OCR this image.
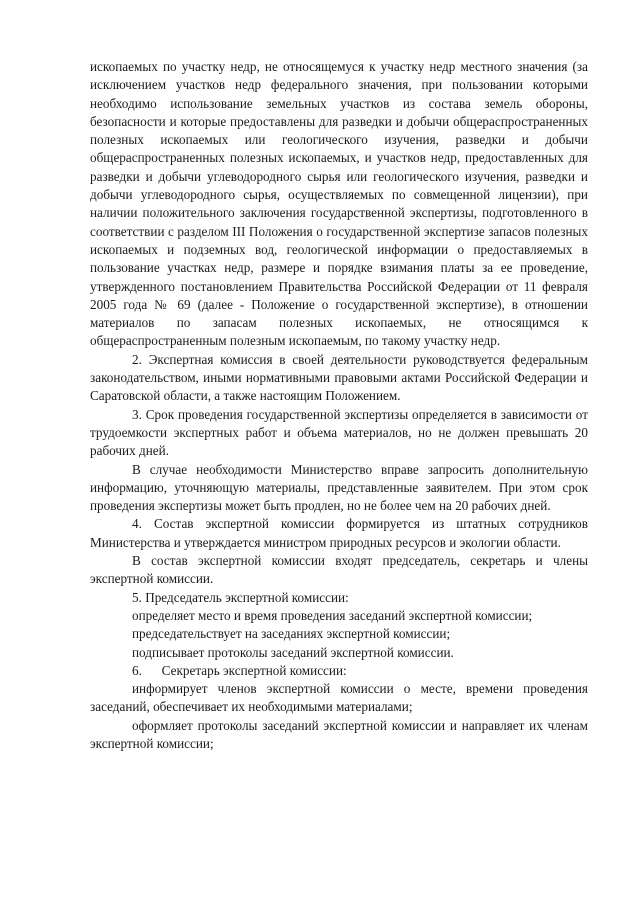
ископаемых по участку недр, не относящемуся к участку недр местного значения (за исключением участков недр федерального значения, при пользовании которыми необходимо использование земельных участков из состава земель обороны, безопасности и которые предоставлены для разведки и добычи общераспространенных полезных ископаемых или геологического изучения, разведки и добычи общераспространенных полезных ископаемых, и участков недр, предоставленных для разведки и добычи углеводородного сырья или геологического изучения, разведки и добычи углеводородного сырья, осуществляемых по совмещенной лицензии), при наличии положительного заключения государственной экспертизы, подготовленного в соответствии с разделом III Положения о государственной экспертизе запасов полезных ископаемых и подземных вод, геологической информации о предоставляемых в пользование участках недр, размере и порядке взимания платы за ее проведение, утвержденного постановлением Правительства Российской Федерации от 11 февраля 2005 года № 69 (далее - Положение о государственной экспертизе), в отношении материалов по запасам полезных ископаемых, не относящимся к общераспространенным полезным ископаемым, по такому участку недр.

2. Экспертная комиссия в своей деятельности руководствуется федеральным законодательством, иными нормативными правовыми актами Российской Федерации и Саратовской области, а также настоящим Положением.

3. Срок проведения государственной экспертизы определяется в зависимости от трудоемкости экспертных работ и объема материалов, но не должен превышать 20 рабочих дней.

В случае необходимости Министерство вправе запросить дополнительную информацию, уточняющую материалы, представленные заявителем. При этом срок проведения экспертизы может быть продлен, но не более чем на 20 рабочих дней.

4. Состав экспертной комиссии формируется из штатных сотрудников Министерства и утверждается министром природных ресурсов и экологии области.

В состав экспертной комиссии входят председатель, секретарь и члены экспертной комиссии.

5. Председатель экспертной комиссии:

определяет место и время проведения заседаний экспертной комиссии;

председательствует на заседаниях экспертной комиссии;

подписывает протоколы заседаний экспертной комиссии.

6.      Секретарь экспертной комиссии:

информирует членов экспертной комиссии о месте, времени проведения заседаний, обеспечивает их необходимыми материалами;

оформляет протоколы заседаний экспертной комиссии и направляет их членам экспертной комиссии;
